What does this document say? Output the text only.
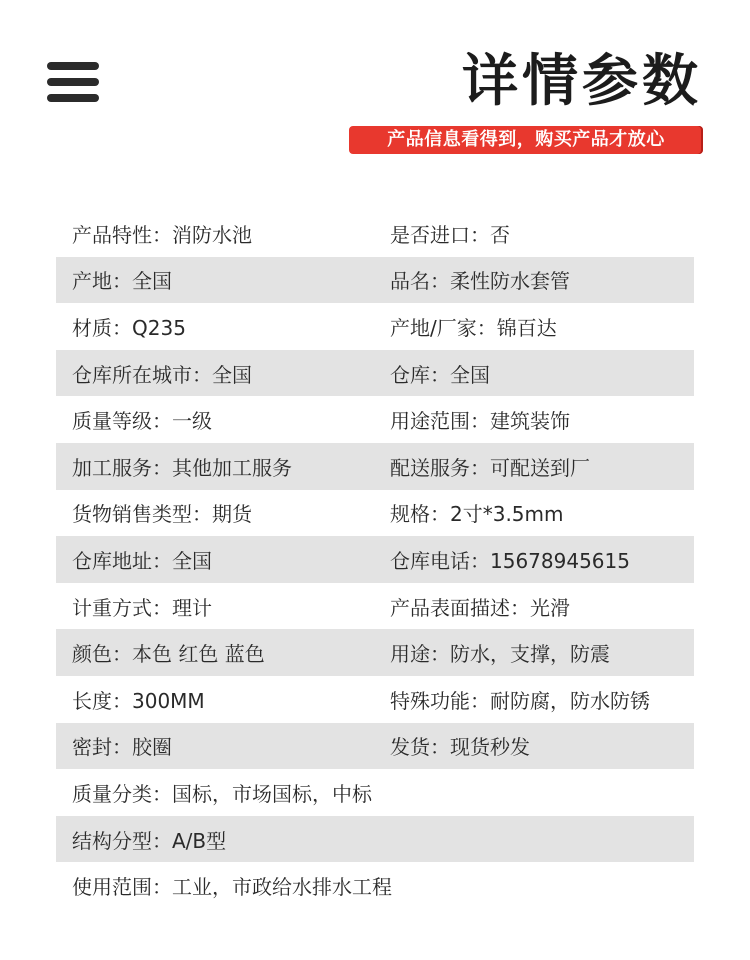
详情参数
产品信息看得到，购买产品才放心
产品特性：消防水池	是否进口：否
产地：全国	品名：柔性防水套管
材质：Q235	产地/厂家：锦百达
仓库所在城市：全国	仓库：全国
质量等级：一级	用途范围：建筑装饰
加工服务：其他加工服务	配送服务：可配送到厂
货物销售类型：期货	规格：2寸*3.5mm
仓库地址：全国	仓库电话：15678945615
计重方式：理计	产品表面描述：光滑
颜色：本色 红色 蓝色	用途：防水，支撑，防震
长度：300MM	特殊功能：耐防腐，防水防锈
密封：胶圈	发货：现货秒发
质量分类：国标，市场国标，中标
结构分型：A/B型
使用范围：工业，市政给水排水工程
